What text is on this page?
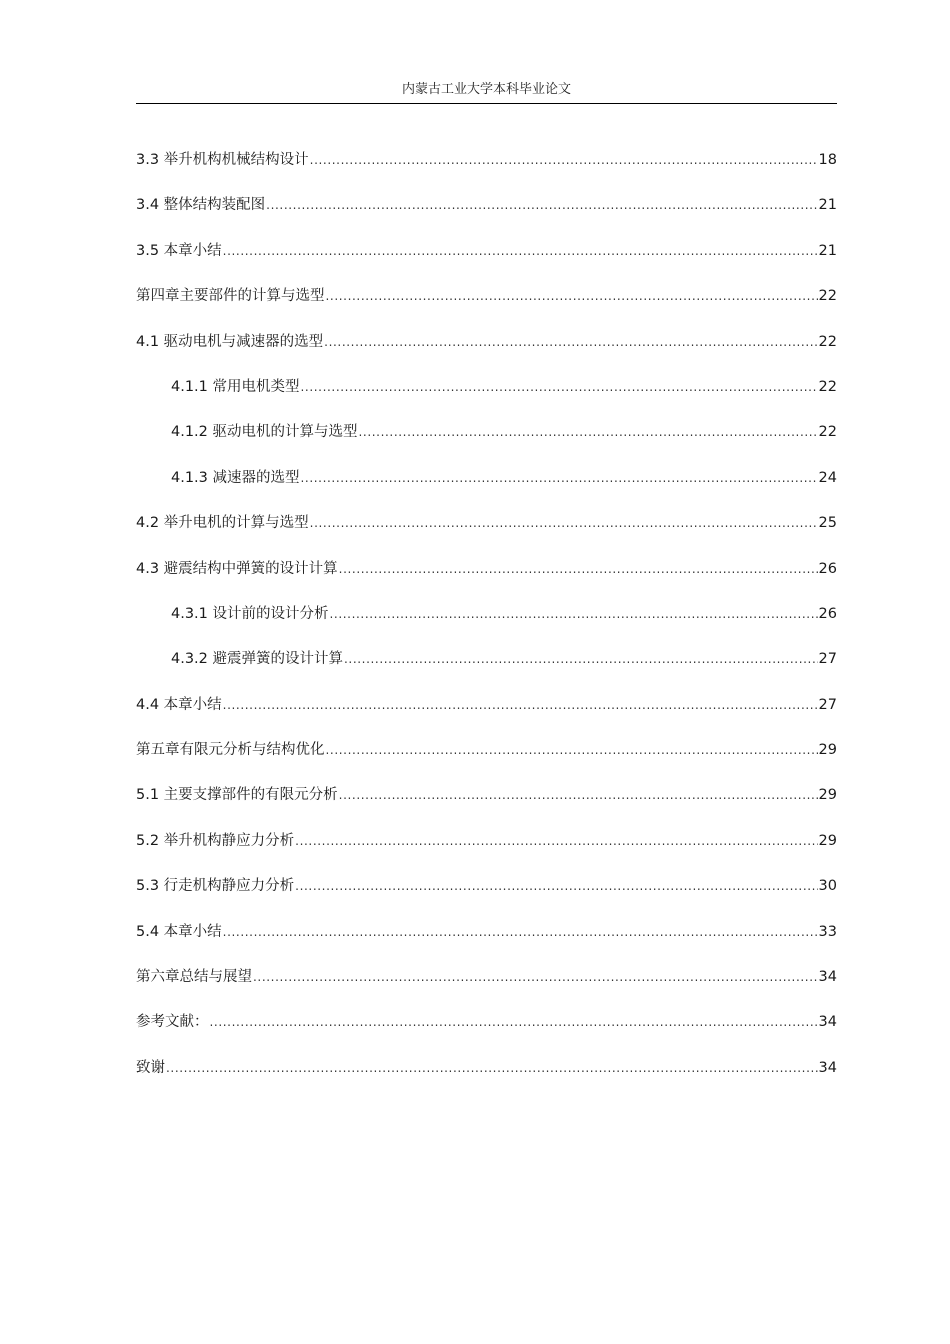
内蒙古工业大学本科毕业论文
3.3 举升机构机械结构设计 .....	18
3.4 整体结构装配图 .....	21
3.5 本章小结 .....	21
第四章主要部件的计算与选型 .....	22
4.1 驱动电机与减速器的选型 .....	22
4.1.1 常用电机类型 .....	22
4.1.2 驱动电机的计算与选型 .....	22
4.1.3 减速器的选型 .....	24
4.2 举升电机的计算与选型 .....	25
4.3 避震结构中弹簧的设计计算 .....	26
4.3.1 设计前的设计分析 .....	26
4.3.2 避震弹簧的设计计算 .....	27
4.4 本章小结 .....	27
第五章有限元分析与结构优化 .....	29
5.1 主要支撑部件的有限元分析 .....	29
5.2 举升机构静应力分析 .....	29
5.3 行走机构静应力分析 .....	30
5.4 本章小结 .....	33
第六章总结与展望 .....	34
参考文献： .....	34
致谢 .....	34
